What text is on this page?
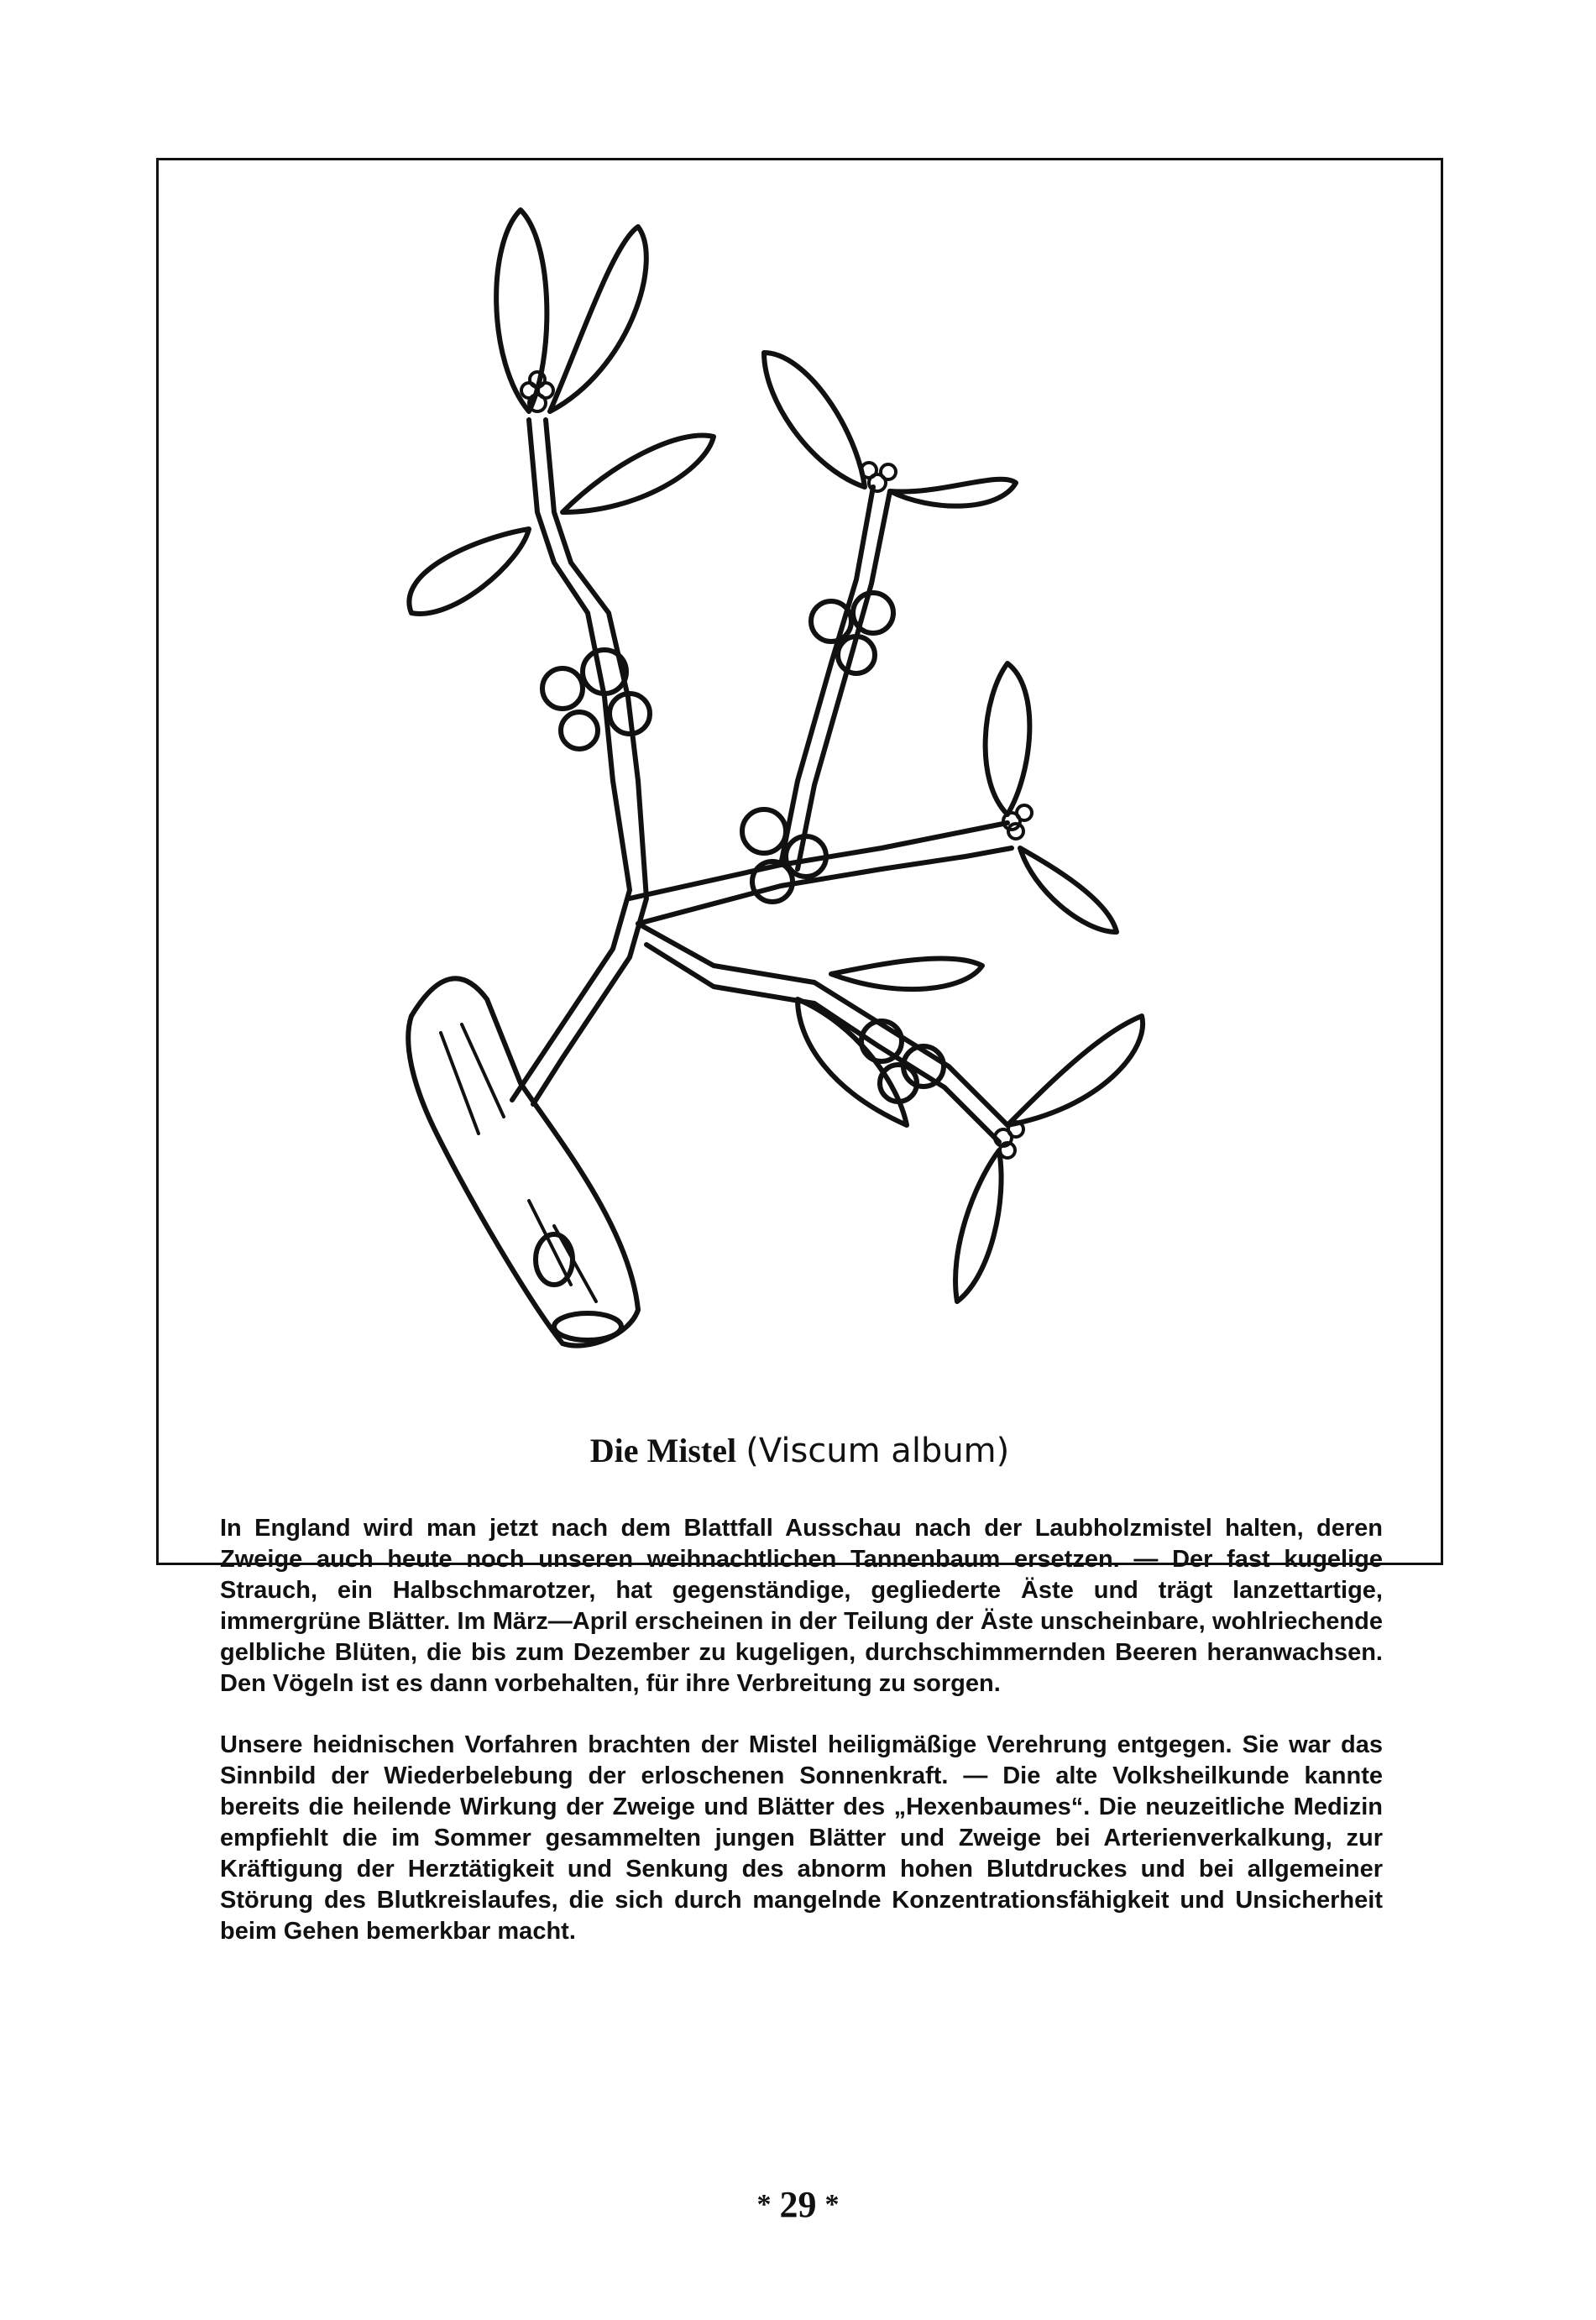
Die Mistel (Viscum album)

In England wird man jetzt nach dem Blattfall Ausschau nach der Laubholzmistel halten, deren Zweige auch heute noch unseren weihnachtlichen Tannenbaum ersetzen. — Der fast kugelige Strauch, ein Halbschmarotzer, hat gegenständige, gegliederte Äste und trägt lanzettartige, immergrüne Blätter. Im März—April erscheinen in der Teilung der Äste unscheinbare, wohlriechende gelbliche Blüten, die bis zum Dezember zu kugeligen, durchschimmernden Beeren heranwachsen. Den Vögeln ist es dann vorbehalten, für ihre Verbreitung zu sorgen.

Unsere heidnischen Vorfahren brachten der Mistel heiligmäßige Verehrung entgegen. Sie war das Sinnbild der Wiederbelebung der erloschenen Sonnenkraft. — Die alte Volksheilkunde kannte bereits die heilende Wirkung der Zweige und Blätter des „Hexenbaumes“. Die neuzeitliche Medizin empfiehlt die im Sommer gesammelten jungen Blätter und Zweige bei Arterienverkalkung, zur Kräftigung der Herztätigkeit und Senkung des abnorm hohen Blutdruckes und bei allgemeiner Störung des Blutkreislaufes, die sich durch mangelnde Konzentrationsfähigkeit und Unsicherheit beim Gehen bemerkbar macht.

* 29 *
